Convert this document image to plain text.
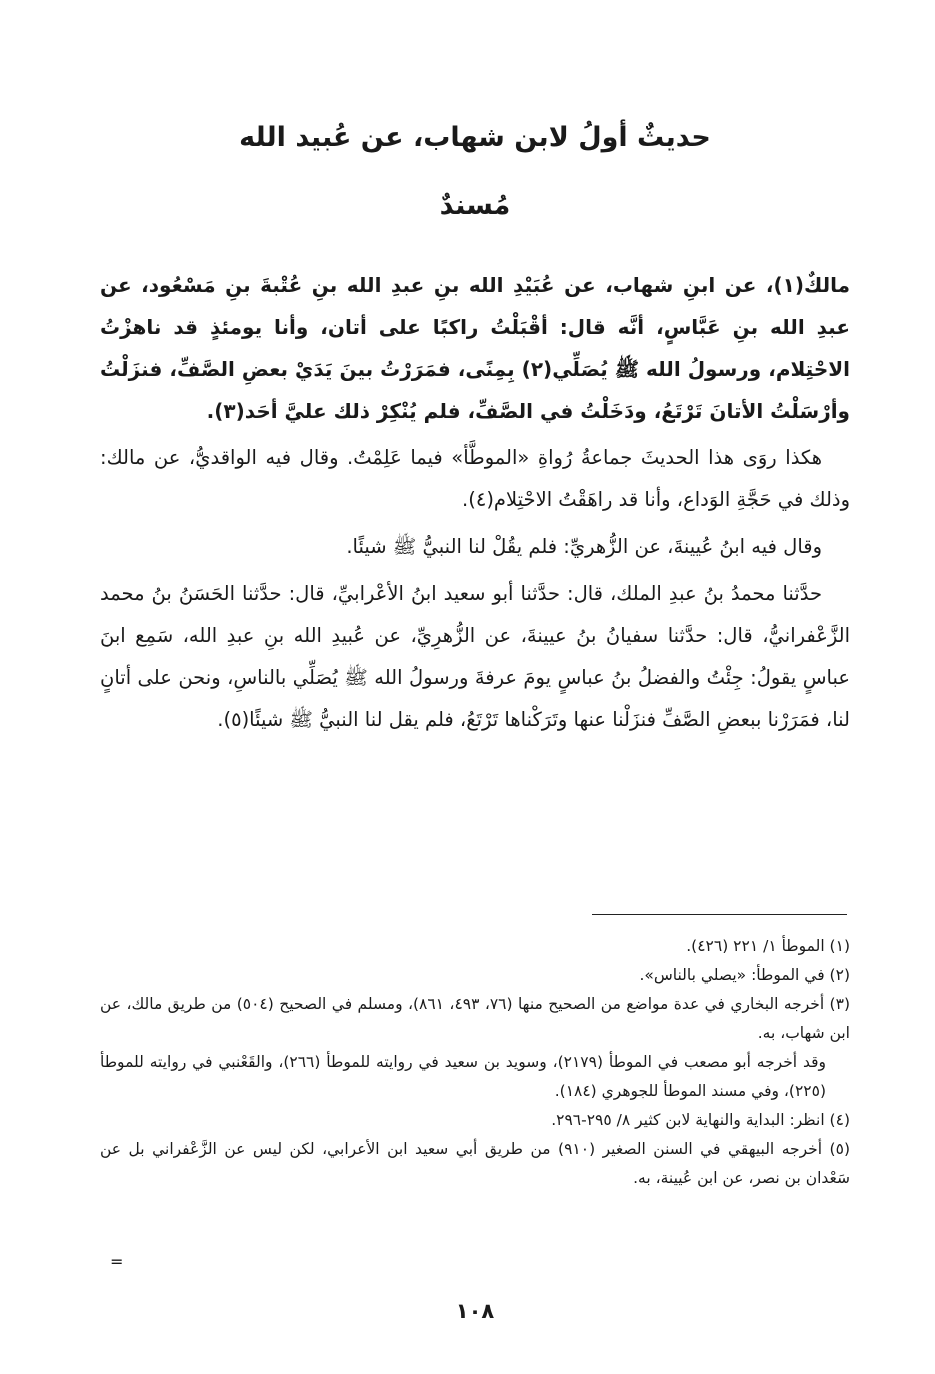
حديثٌ أولُ لابن شهاب، عن عُبيد الله
مُسندٌ

مالكٌ(١)، عن ابنِ شهاب، عن عُبَيْدِ الله بنِ عبدِ الله بنِ عُتْبةَ بنِ مَسْعُود، عن عبدِ الله بنِ عَبَّاسٍ، أنَّه قال: أقْبَلْتُ راكبًا على أتان، وأنا يومئذٍ قد ناهزْتُ الاحْتِلام، ورسولُ الله ﷺ يُصَلِّي(٢) بِمِنًى، فمَرَرْتُ بينَ يَدَيْ بعضِ الصَّفِّ، فنزَلْتُ وأرْسَلْتُ الأتانَ تَرْتَعُ، ودَخَلْتُ في الصَّفِّ، فلم يُنْكِرْ ذلك عليَّ أحَد(٣).

هكذا روَى هذا الحديثَ جماعةُ رُواةِ «الموطَّأ» فيما عَلِمْتُ. وقال فيه الواقديُّ، عن مالك: وذلك في حَجَّةِ الوَداع، وأنا قد راهَقْتُ الاحْتِلام(٤).

وقال فيه ابنُ عُيينةَ، عن الزُّهريِّ: فلم يقُلْ لنا النبيُّ ﷺ شيئًا.

حدَّثنا محمدُ بنُ عبدِ الملك، قال: حدَّثنا أبو سعيد ابنُ الأعْرابيِّ، قال: حدَّثنا الحَسَنُ بنُ محمد الزَّعْفرانيُّ، قال: حدَّثنا سفيانُ بنُ عيينةَ، عن الزُّهرِيِّ، عن عُبيدِ الله بنِ عبدِ الله، سَمِع ابنَ عباسٍ يقولُ: جِئْتُ والفضلُ بنُ عباسٍ يومَ عرفةَ ورسولُ الله ﷺ يُصَلِّي بالناسِ، ونحن على أتانٍ لنا، فمَرَرْنا ببعضِ الصَّفِّ فنزَلْنا عنها وتَرَكْناها تَرْتَعُ، فلم يقل لنا النبيُّ ﷺ شيئًا(٥).

(١) الموطأ ١/ ٢٢١ (٤٢٦).

(٢) في الموطأ: «يصلي بالناس».

(٣) أخرجه البخاري في عدة مواضع من الصحيح منها (٧٦، ٤٩٣، ٨٦١)، ومسلم في الصحيح (٥٠٤) من طريق مالك، عن ابن شهاب، به.

وقد أخرجه أبو مصعب في الموطأ (٢١٧٩)، وسويد بن سعيد في روايته للموطأ (٢٦٦)، والقَعْنبي في روايته للموطأ (٢٢٥)، وفي مسند الموطأ للجوهري (١٨٤).

(٤) انظر: البداية والنهاية لابن كثير ٨/ ٢٩٥-٢٩٦.

(٥) أخرجه البيهقي في السنن الصغير (٩١٠) من طريق أبي سعيد ابن الأعرابي، لكن ليس عن الزَّعْفراني بل عن سَعْدان بن نصر، عن ابن عُيينة، به.

=
١٠٨
